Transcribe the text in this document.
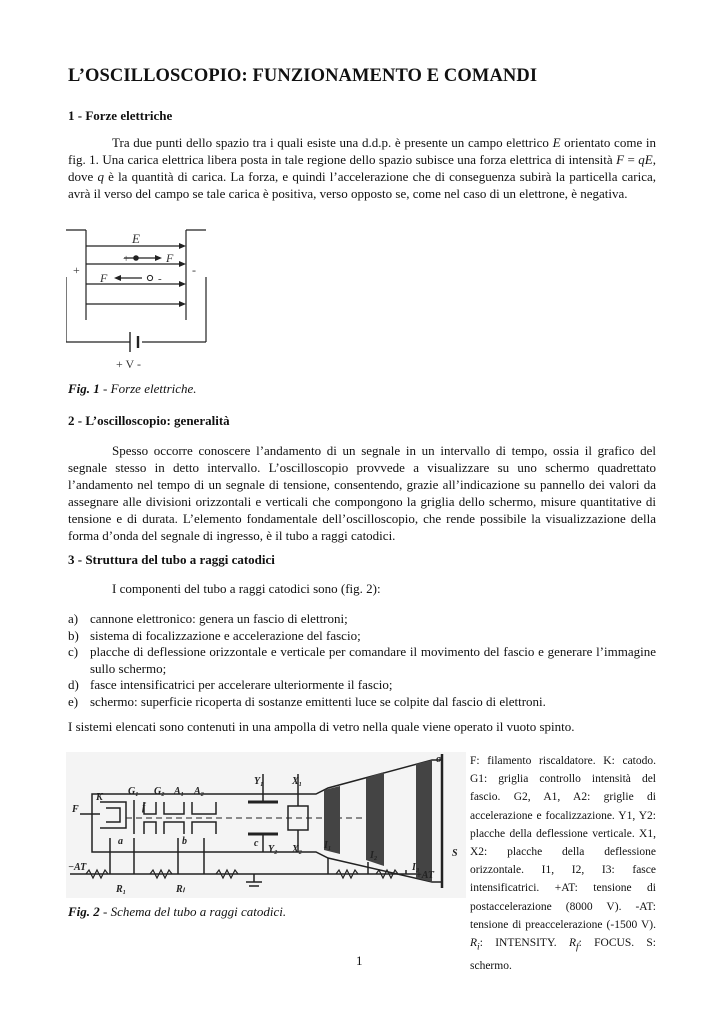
L’OSCILLOSCOPIO: FUNZIONAMENTO E COMANDI
1 - Forze elettriche
Tra due punti dello spazio tra i quali esiste una d.d.p. è presente un campo elettrico E orientato come in fig. 1. Una carica elettrica libera posta in tale regione dello spazio subisce una forza elettrica di intensità F = qE, dove q è la quantità di carica. La forza, e quindi l’accelerazione che di conseguenza subirà la particella carica, avrà il verso del campo se tale carica è positiva, verso opposto se, come nel caso di un elettrone, è negativa.
E
+	F
F	-
+	-
+ V -
Fig. 1 - Forze elettriche.
2 - L’oscilloscopio: generalità
Spesso occorre conoscere l’andamento di un segnale in un intervallo di tempo, ossia il grafico del segnale stesso in detto intervallo. L’oscilloscopio provvede a visualizzare su uno schermo quadrettato l’andamento nel tempo di un segnale di tensione, consentendo, grazie all’indicazione su pannello dei valori da assegnare alle divisioni orizzontali e verticali che compongono la griglia dello schermo, misure quantitative di tensione e di durata. L’elemento fondamentale dell’oscilloscopio, che rende possibile la visualizzazione della forma d’onda del segnale di ingresso, è il tubo a raggi catodici.
3 - Struttura del tubo a raggi catodici
I componenti del tubo a raggi catodici sono (fig. 2):
a) cannone elettronico: genera un fascio di elettroni;
b) sistema di focalizzazione e accelerazione del fascio;
c) placche di deflessione orizzontale e verticale per comandare il movimento del fascio e generare l’immagine sullo schermo;
d) fasce intensificatrici per accelerare ulteriormente il fascio;
e) schermo: superficie ricoperta di sostanze emittenti luce se colpite dal fascio di elettroni.
I sistemi elencati sono contenuti in una ampolla di vetro nella quale viene operato il vuoto spinto.
G₁ G₂ A₁ A₂
K
F	f
a	b	c
Y₁	X₁
Y₂ X₂ I₁
I₂
I₃
σ
S
−AT
+AT
R₁	Rₗ
Fig. 2 - Schema del tubo a raggi catodici.
F: filamento riscaldatore. K: catodo. G1: griglia controllo intensità del fascio. G2, A1, A2: griglie di accelerazione e focalizzazione. Y1, Y2: placche della deflessione verticale. X1, X2: placche della deflessione orizzontale. I1, I2, I3: fasce intensificatrici. +AT: tensione di postaccelerazione (8000 V). -AT: tensione di preaccelerazione (-1500 V). $R_i$: INTENSITY. $R_f$: FOCUS. S: schermo.
1
